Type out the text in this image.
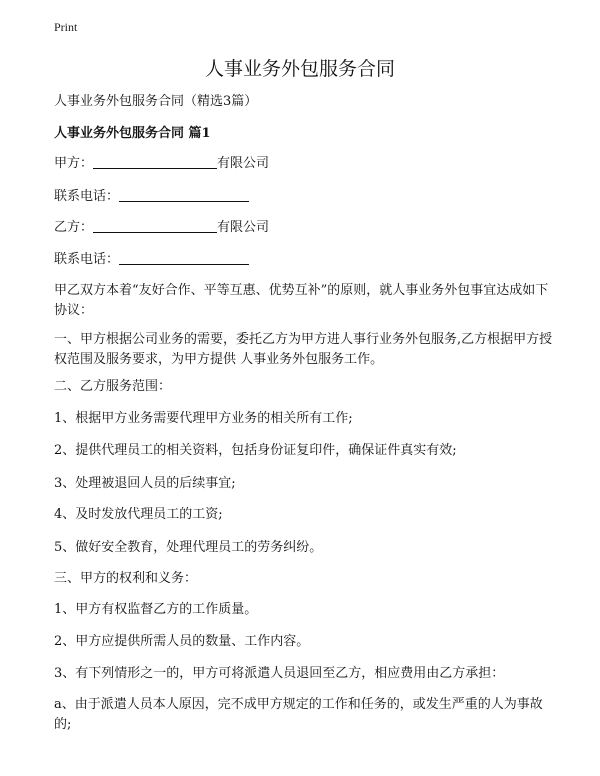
Print
人事业务外包服务合同
人事业务外包服务合同（精选3篇）
人事业务外包服务合同 篇1
甲方：	有限公司
联系电话：
乙方：	有限公司
联系电话：
甲乙双方本着“友好合作、平等互惠、优势互补”的原则，就人事业务外包事宜达成如下协议：
一、甲方根据公司业务的需要，委托乙方为甲方进人事行业务外包服务,乙方根据甲方授权范围及服务要求，为甲方提供 人事业务外包服务工作。
二、乙方服务范围：
1、根据甲方业务需要代理甲方业务的相关所有工作;
2、提供代理员工的相关资料，包括身份证复印件，确保证件真实有效;
3、处理被退回人员的后续事宜;
4、及时发放代理员工的工资;
5、做好安全教育，处理代理员工的劳务纠纷。
三、甲方的权利和义务：
1、甲方有权监督乙方的工作质量。
2、甲方应提供所需人员的数量、工作内容。
3、有下列情形之一的，甲方可将派遣人员退回至乙方，相应费用由乙方承担：
a、由于派遣人员本人原因，完不成甲方规定的工作和任务的，或发生严重的人为事故的;
